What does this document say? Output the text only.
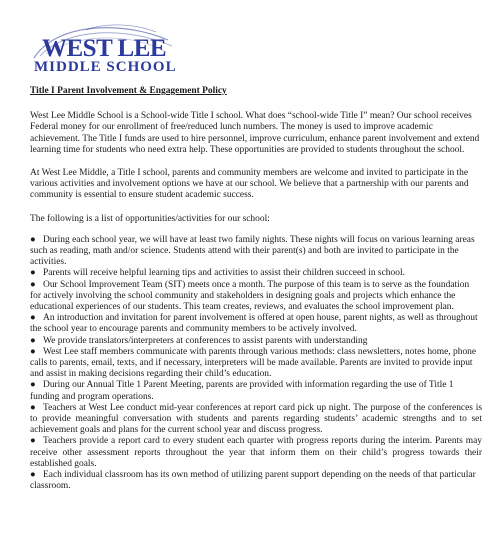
WEST LEE
MIDDLE SCHOOL

Title I Parent Involvement & Engagement Policy

West Lee Middle School is a School-wide Title I school. What does “school-wide Title I” mean? Our school receives Federal money for our enrollment of free/reduced lunch numbers. The money is used to improve academic achievement. The Title I funds are used to hire personnel, improve curriculum, enhance parent involvement and extend learning time for students who need extra help. These opportunities are provided to students throughout the school.

At West Lee Middle, a Title I school, parents and community members are welcome and invited to participate in the various activities and involvement options we have at our school. We believe that a partnership with our parents and community is essential to ensure student academic success.

The following is a list of opportunities/activities for our school:

● During each school year, we will have at least two family nights. These nights will focus on various learning areas such as reading, math and/or science. Students attend with their parent(s) and both are invited to participate in the activities.

● Parents will receive helpful learning tips and activities to assist their children succeed in school.

● Our School Improvement Team (SIT) meets once a month. The purpose of this team is to serve as the foundation for actively involving the school community and stakeholders in designing goals and projects which enhance the educational experiences of our students. This team creates, reviews, and evaluates the school improvement plan.

● An introduction and invitation for parent involvement is offered at open house, parent nights, as well as throughout the school year to encourage parents and community members to be actively involved.

● We provide translators/interpreters at conferences to assist parents with understanding

● West Lee staff members communicate with parents through various methods: class newsletters, notes home, phone calls to parents, email, texts, and if necessary, interpreters will be made available. Parents are invited to provide input and assist in making decisions regarding their child’s education.

● During our Annual Title 1 Parent Meeting, parents are provided with information regarding the use of Title 1 funding and program operations.

● Teachers at West Lee conduct mid-year conferences at report card pick up night. The purpose of the conferences is to provide meaningful conversation with students and parents regarding students’ academic strengths and to set achievement goals and plans for the current school year and discuss progress.

● Teachers provide a report card to every student each quarter with progress reports during the interim. Parents may receive other assessment reports throughout the year that inform them on their child’s progress towards their established goals.

● Each individual classroom has its own method of utilizing parent support depending on the needs of that particular classroom.
